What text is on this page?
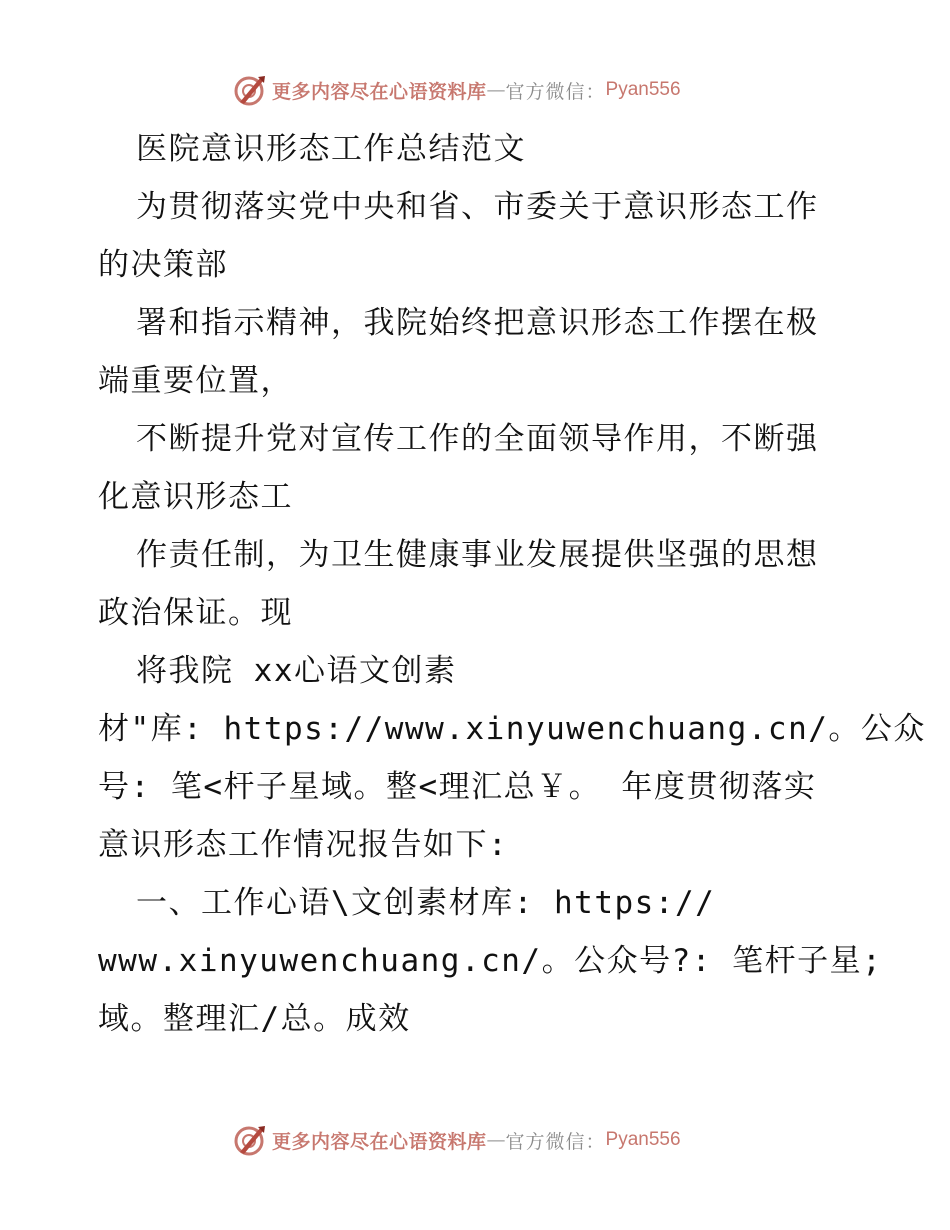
更多内容尽在心语资料库 — 官方微信： Pyan556
医院意识形态工作总结范文
为贯彻落实党中央和省、市委关于意识形态工作
的决策部
署和指示精神，我院始终把意识形态工作摆在极
端重要位置，
不断提升党对宣传工作的全面领导作用，不断强
化意识形态工
作责任制，为卫生健康事业发展提供坚强的思想
政治保证。现
将我院 xx心语文创素
材"库: https://www.xinyuwenchuang.cn/。公众
号: 笔<杆子星域。整<理汇总￥。 年度贯彻落实
意识形态工作情况报告如下:
一、工作心语\文创素材库: https://
www.xinyuwenchuang.cn/。公众号?: 笔杆子星;
域。整理汇/总。成效
更多内容尽在心语资料库 — 官方微信： Pyan556
